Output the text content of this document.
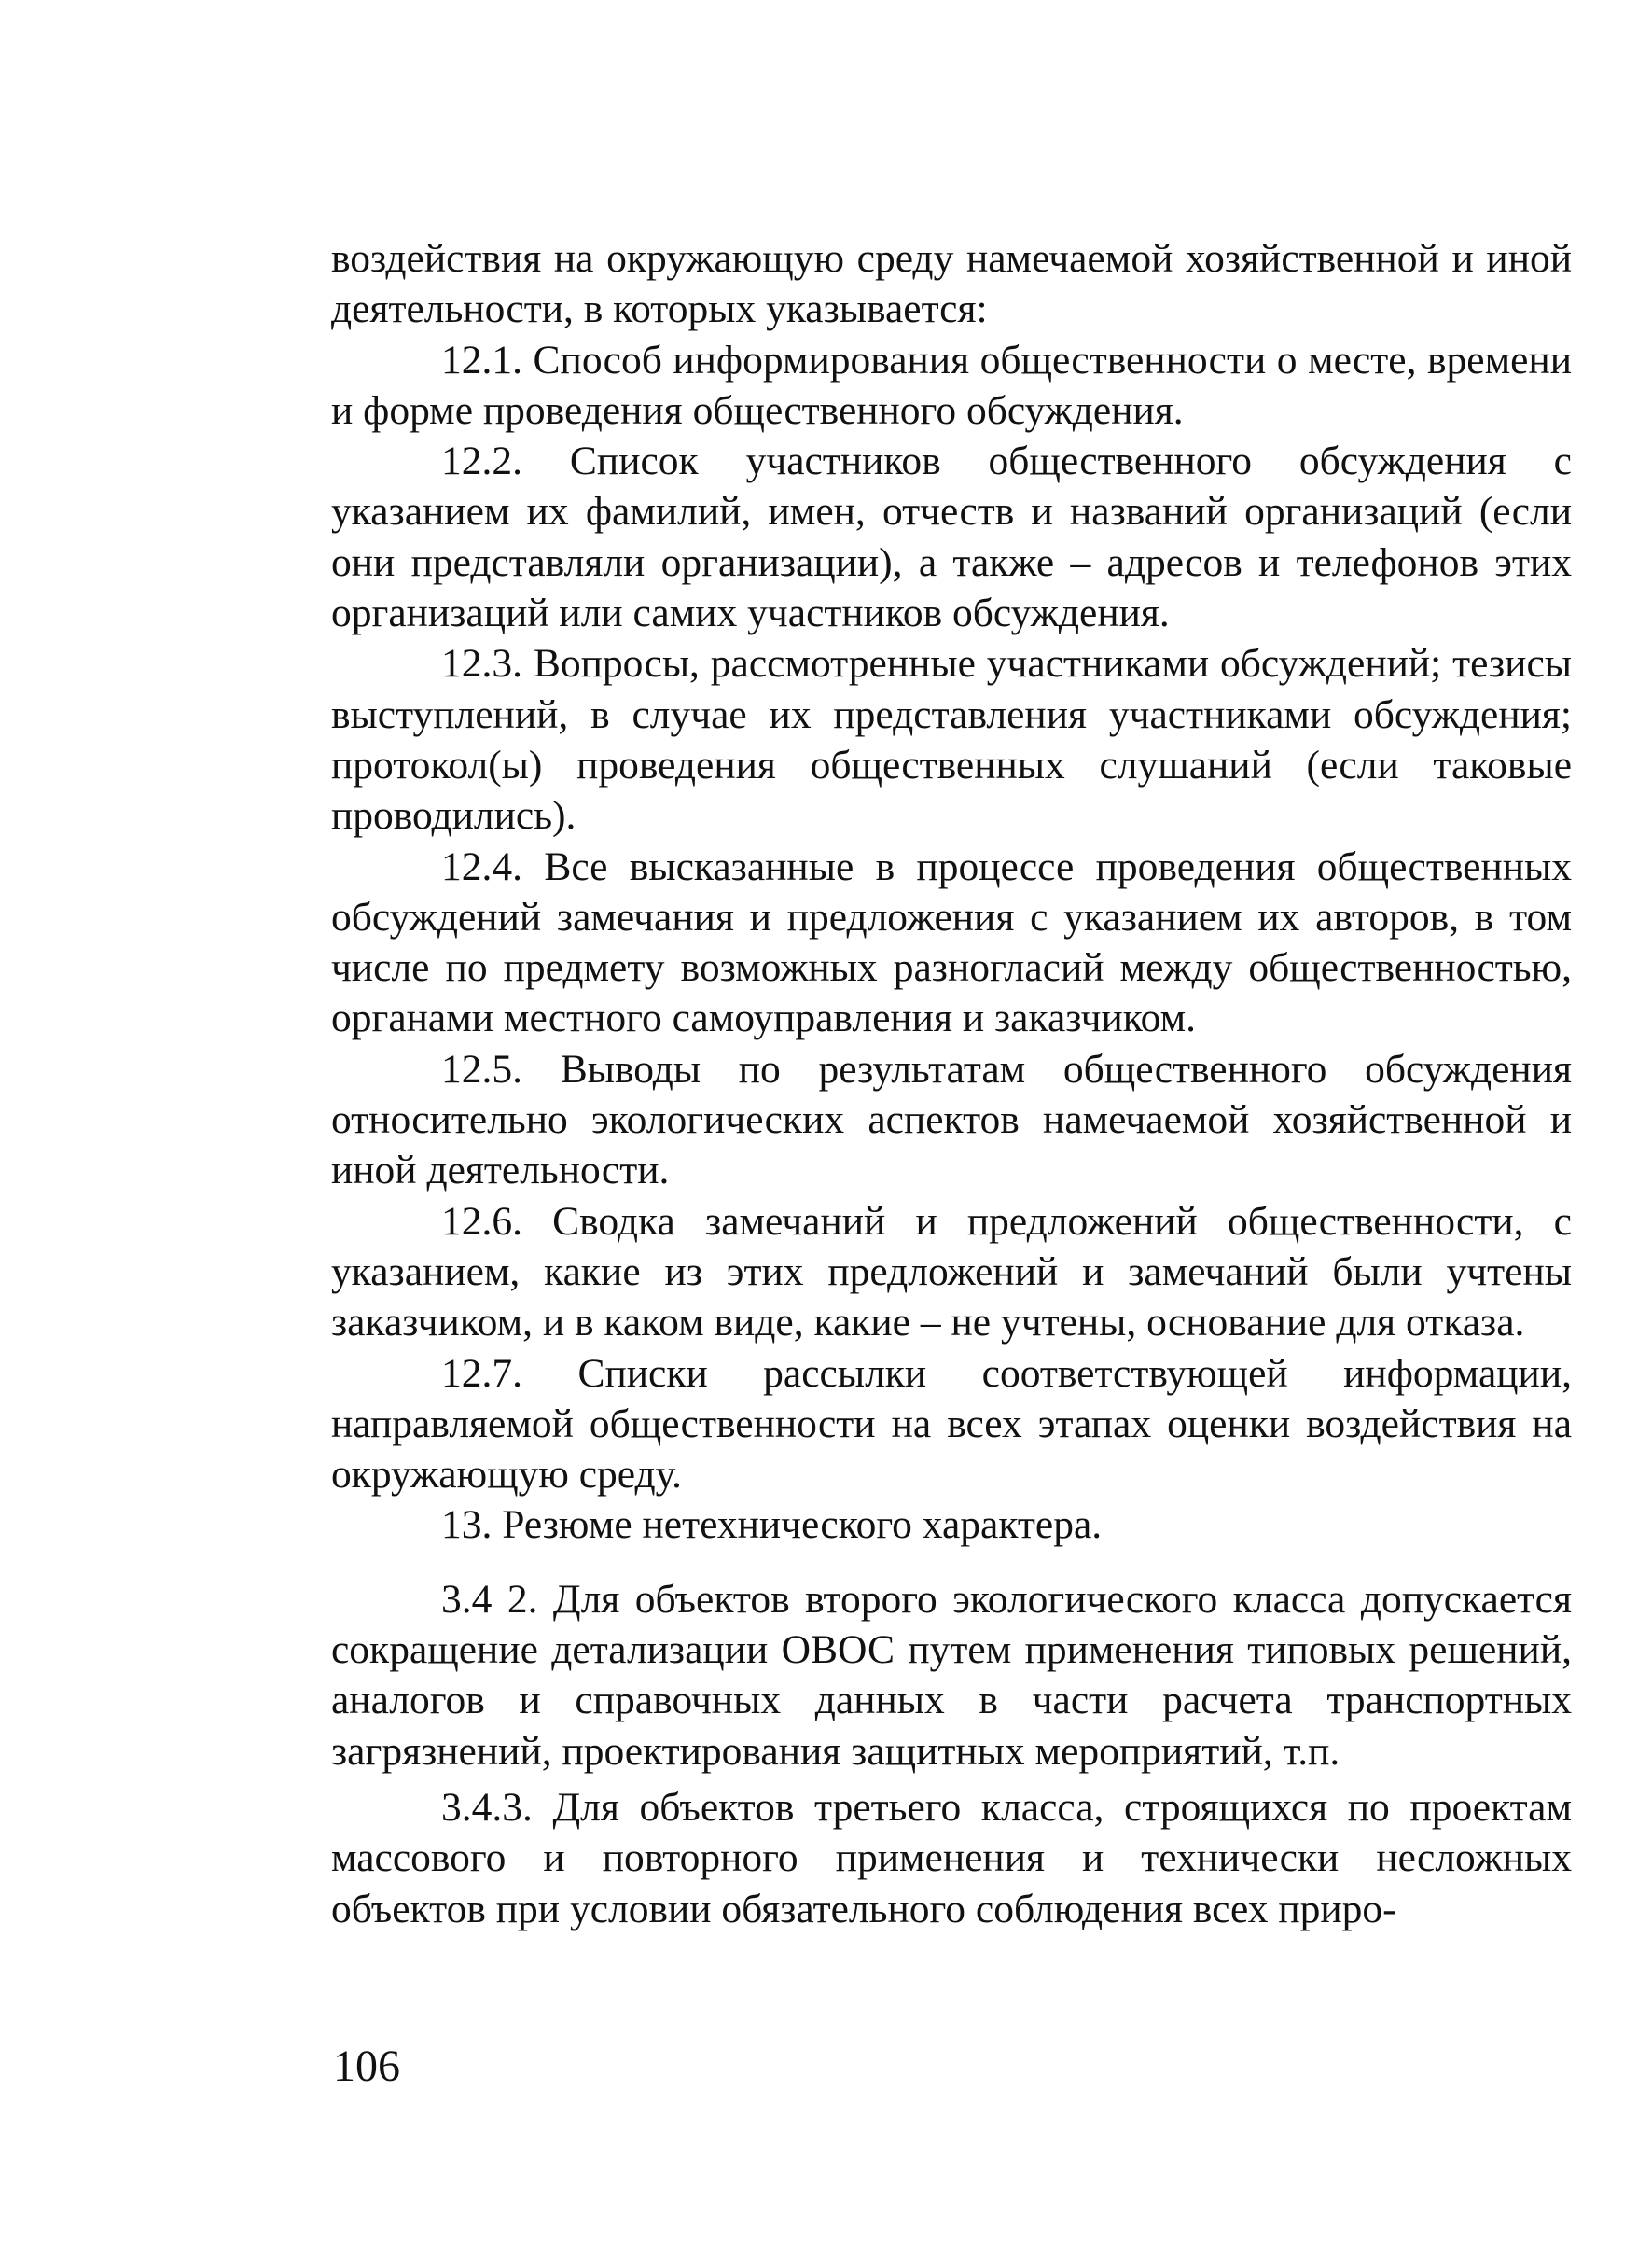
воздействия на окружающую среду намечаемой хозяйственной и иной деятельности, в которых указывается:

12.1. Способ информирования общественности о месте, времени и форме проведения общественного обсуждения.

12.2. Список участников общественного обсуждения с указанием их фамилий, имен, отчеств и названий организаций (если они представляли организации), а также – адресов и телефонов этих организаций или самих участников обсуждения.

12.3. Вопросы, рассмотренные участниками обсуждений; тезисы выступлений, в случае их представления участниками обсуждения; протокол(ы) проведения общественных слушаний (если таковые проводились).

12.4. Все высказанные в процессе проведения общественных обсуждений замечания и предложения с указанием их авторов, в том числе по предмету возможных разногласий между общественностью, органами местного самоуправления и заказчиком.

12.5. Выводы по результатам общественного обсуждения относительно экологических аспектов намечаемой хозяйственной и иной деятельности.

12.6. Сводка замечаний и предложений общественности, с указанием, какие из этих предложений и замечаний были учтены заказчиком, и в каком виде, какие – не учтены, основание для отказа.

12.7. Списки рассылки соответствующей информации, направляемой общественности на всех этапах оценки воздействия на окружающую среду.

13. Резюме нетехнического характера.

3.4 2. Для объектов второго экологического класса допускается сокращение детализации ОВОС путем применения типовых решений, аналогов и справочных данных в части расчета транспортных загрязнений, проектирования защитных мероприятий, т.п.

3.4.3. Для объектов третьего класса, строящихся по проектам массового и повторного применения и технически несложных объектов при условии обязательного соблюдения всех приро-

106
